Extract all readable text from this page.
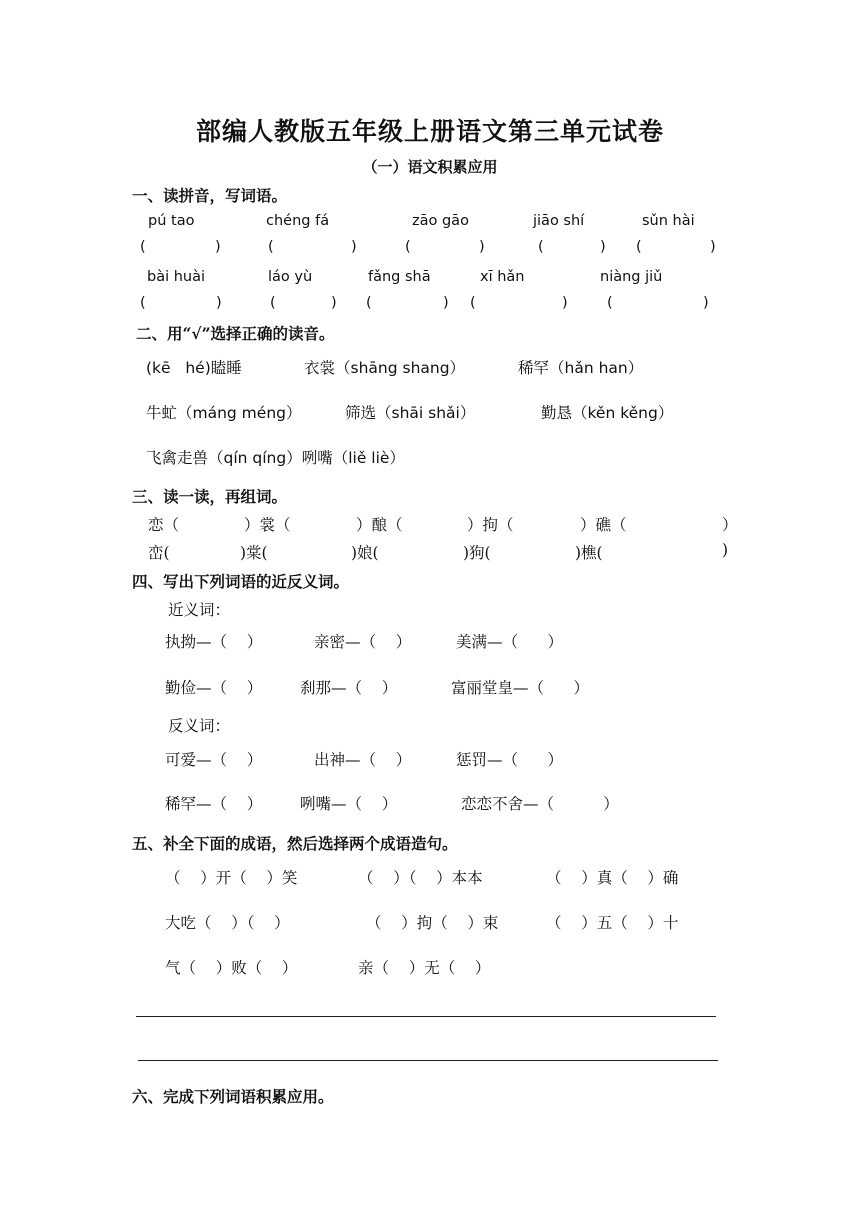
部编人教版五年级上册语文第三单元试卷
（一）语文积累应用
一、读拼音，写词语。
pú tao	chéng fá	zāo gāo	jiāo shí	sǔn hài
(	)	(	)	(	)	(	) (	)
bài huài	láo yù	fǎng shā	xī hǎn	niàng jiǔ
(	)	(	) (	) (	)	(	)
二、用“√”选择正确的读音。
(kē   hé)瞌睡	衣裳（shāng shang）	稀罕（hǎn han）
牛虻（máng méng）	筛选（shāi shǎi）	勤恳（kěn kěng）
飞禽走兽（qín qíng）咧嘴（liě liè）
三、读一读，再组词。
恋（	）裳（	）酿（	）拘（	）礁（	）
峦(	)棠(	)娘(	)狗(	)樵(	)
四、写出下列词语的近反义词。
近义词：
执拗—（    ）	亲密—（    ）	美满—（      ）
勤俭—（    ） 刹那—（    ）	富丽堂皇—（      ）
反义词：
可爱—（    ）	出神—（    ）	惩罚—（      ）
稀罕—（    ） 咧嘴—（    ）	恋恋不舍—（          ）
五、补全下面的成语，然后选择两个成语造句。
（    ）开（    ）笑	（    ）（    ）本本	（    ）真（    ）确
大吃（    ）（    ）	（    ）拘（    ）束	（    ）五（    ）十
气（    ）败（    ）	亲（    ）无（    ）
六、完成下列词语积累应用。
